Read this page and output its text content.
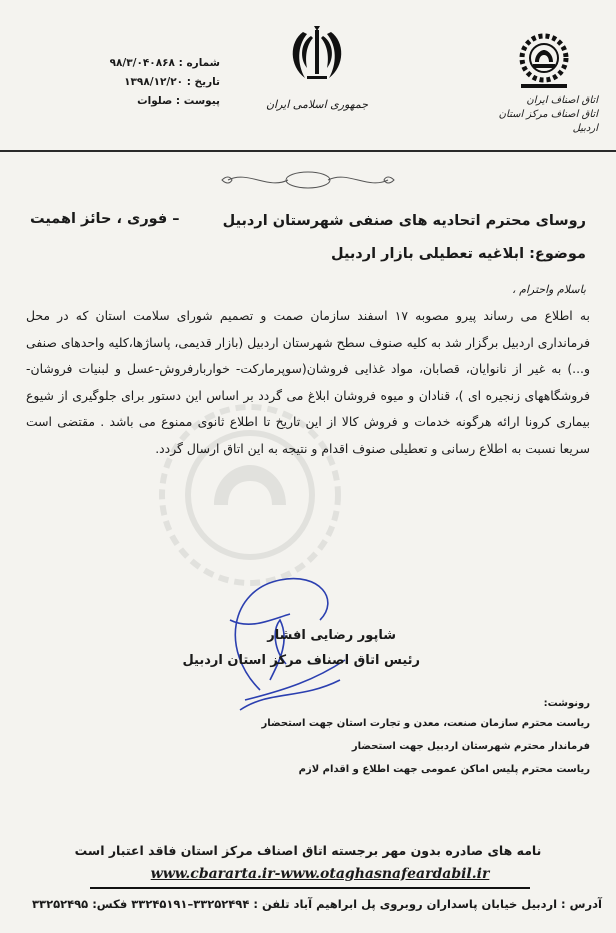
شماره : ۹۸/۳/۰۴۰۸۶۸
تاریخ : ۱۳۹۸/۱۲/۲۰
پیوست : صلوات	جمهوری اسلامی ایران	اتاق اصناف ایران
اتاق اصناف مرکز استان اردبیل
روسای محترم اتحادیه های صنفی شهرستان اردبیل
– فوری ، حائز اهمیت
موضوع: ابلاغیه تعطیلی بازار اردبیل
باسلام واحترام ،

به اطلاع می رساند پیرو مصوبه ۱۷ اسفند سازمان صمت و تصمیم شورای سلامت استان که در محل فرمانداری اردبیل برگزار شد به کلیه صنوف سطح شهرستان اردبیل (بازار قدیمی، پاساژها،کلیه واحدهای صنفی و...) به غیر از نانوایان، قصابان، مواد غذایی فروشان(سوپرمارکت- خواربارفروش-عسل و لبنیات فروشان-فروشگاههای زنجیره ای )، قنادان و میوه فروشان ابلاغ می گردد بر اساس این دستور برای جلوگیری از شیوع بیماری کرونا ارائه هرگونه خدمات و فروش کالا از این تاریخ تا اطلاع ثانوی ممنوع می باشد . مقتضی است سریعا نسبت به اطلاع رسانی و تعطیلی صنوف اقدام و نتیجه به این اتاق ارسال گردد.

شاپور رضایی افشار
رئیس اتاق اصناف مرکز استان اردبیل
رونوشت:
ریاست محترم سازمان صنعت، معدن و تجارت استان جهت استحضار
فرماندار محترم شهرستان اردبیل جهت استحضار
ریاست محترم پلیس اماکن عمومی جهت اطلاع و اقدام لازم
نامه های صادره بدون مهر برجسته اتاق اصناف مرکز استان فاقد اعتبار است
www.cbararta.ir-www.otaghasnafeardabil.ir
آدرس : اردبیل خیابان پاسداران روبروی پل ابراهیم آباد تلفن : ۳۳۲۵۲۴۹۴–۳۳۲۴۵۱۹۱ فکس: ۳۳۲۵۲۴۹۵
